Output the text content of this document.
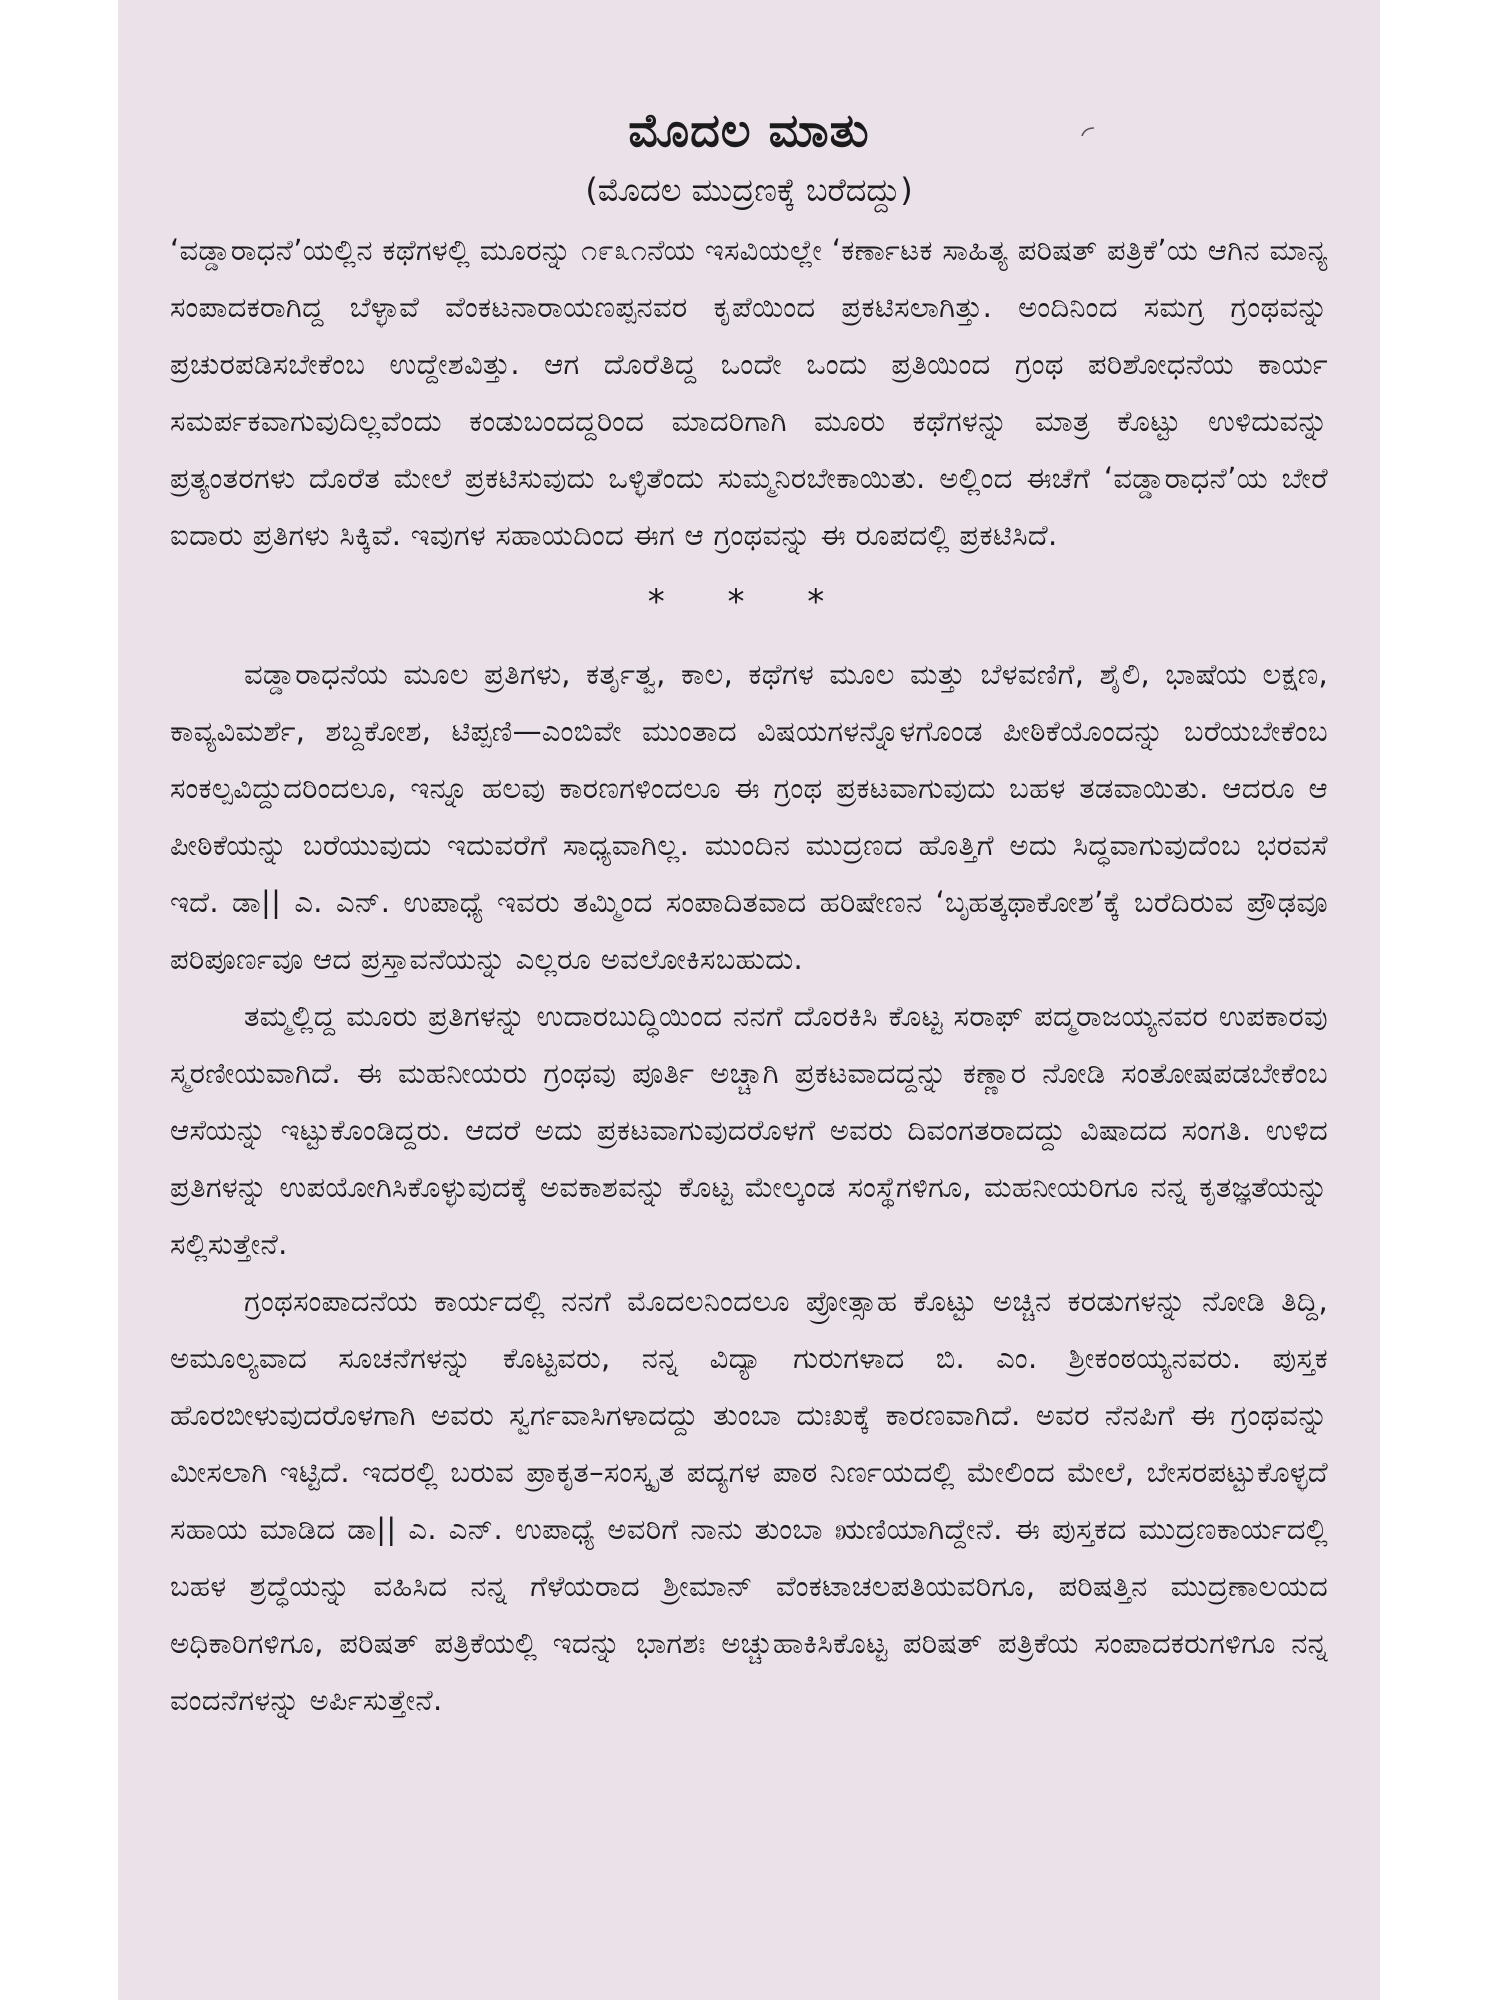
ಮೊದಲ ಮಾತು
(ಮೊದಲ ಮುದ್ರಣಕ್ಕೆ ಬರೆದದ್ದು)

‘ವಡ್ಡಾರಾಧನೆ’ಯಲ್ಲಿನ ಕಥೆಗಳಲ್ಲಿ ಮೂರನ್ನು ೧೯೩೧ನೆಯ ಇಸವಿಯಲ್ಲೇ ‘ಕರ್ಣಾಟಕ ಸಾಹಿತ್ಯ ಪರಿಷತ್ ಪತ್ರಿಕೆ’ಯ ಆಗಿನ ಮಾನ್ಯ ಸಂಪಾದಕರಾಗಿದ್ದ ಬೆಳ್ಳಾವೆ ವೆಂಕಟನಾರಾಯಣಪ್ಪನವರ ಕೃಪೆಯಿಂದ ಪ್ರಕಟಿಸಲಾಗಿತ್ತು. ಅಂದಿನಿಂದ ಸಮಗ್ರ ಗ್ರಂಥವನ್ನು ಪ್ರಚುರಪಡಿಸಬೇಕೆಂಬ ಉದ್ದೇಶವಿತ್ತು. ಆಗ ದೊರೆತಿದ್ದ ಒಂದೇ ಒಂದು ಪ್ರತಿಯಿಂದ ಗ್ರಂಥ ಪರಿಶೋಧನೆಯ ಕಾರ್ಯ ಸಮರ್ಪಕವಾಗುವುದಿಲ್ಲವೆಂದು ಕಂಡುಬಂದದ್ದರಿಂದ ಮಾದರಿಗಾಗಿ ಮೂರು ಕಥೆಗಳನ್ನು ಮಾತ್ರ ಕೊಟ್ಟು ಉಳಿದುವನ್ನು ಪ್ರತ್ಯಂತರಗಳು ದೊರೆತ ಮೇಲೆ ಪ್ರಕಟಿಸುವುದು ಒಳ್ಳಿತೆಂದು ಸುಮ್ಮನಿರಬೇಕಾಯಿತು. ಅಲ್ಲಿಂದ ಈಚೆಗೆ ‘ವಡ್ಡಾರಾಧನೆ’ಯ ಬೇರೆ ಐದಾರು ಪ್ರತಿಗಳು ಸಿಕ್ಕಿವೆ. ಇವುಗಳ ಸಹಾಯದಿಂದ ಈಗ ಆ ಗ್ರಂಥವನ್ನು ಈ ರೂಪದಲ್ಲಿ ಪ್ರಕಟಿಸಿದೆ.

* * *

ವಡ್ಡಾರಾಧನೆಯ ಮೂಲ ಪ್ರತಿಗಳು, ಕರ್ತೃತ್ವ, ಕಾಲ, ಕಥೆಗಳ ಮೂಲ ಮತ್ತು ಬೆಳವಣಿಗೆ, ಶೈಲಿ, ಭಾಷೆಯ ಲಕ್ಷಣ, ಕಾವ್ಯವಿಮರ್ಶೆ, ಶಬ್ದಕೋಶ, ಟಿಪ್ಪಣಿ—ಎಂಬಿವೇ ಮುಂತಾದ ವಿಷಯಗಳನ್ನೊಳಗೊಂಡ ಪೀಠಿಕೆಯೊಂದನ್ನು ಬರೆಯಬೇಕೆಂಬ ಸಂಕಲ್ಪವಿದ್ದುದರಿಂದಲೂ, ಇನ್ನೂ ಹಲವು ಕಾರಣಗಳಿಂದಲೂ ಈ ಗ್ರಂಥ ಪ್ರಕಟವಾಗುವುದು ಬಹಳ ತಡವಾಯಿತು. ಆದರೂ ಆ ಪೀಠಿಕೆಯನ್ನು ಬರೆಯುವುದು ಇದುವರೆಗೆ ಸಾಧ್ಯವಾಗಿಲ್ಲ. ಮುಂದಿನ ಮುದ್ರಣದ ಹೊತ್ತಿಗೆ ಅದು ಸಿದ್ಧವಾಗುವುದೆಂಬ ಭರವಸೆ ಇದೆ. ಡಾ|| ಎ. ಎನ್. ಉಪಾಧ್ಯೆ ಇವರು ತಮ್ಮಿಂದ ಸಂಪಾದಿತವಾದ ಹರಿಷೇಣನ ‘ಬೃಹತ್ಕಥಾಕೋಶ’ಕ್ಕೆ ಬರೆದಿರುವ ಪ್ರೌಢವೂ ಪರಿಪೂರ್ಣವೂ ಆದ ಪ್ರಸ್ತಾವನೆಯನ್ನು ಎಲ್ಲರೂ ಅವಲೋಕಿಸಬಹುದು.

ತಮ್ಮಲ್ಲಿದ್ದ ಮೂರು ಪ್ರತಿಗಳನ್ನು ಉದಾರಬುದ್ಧಿಯಿಂದ ನನಗೆ ದೊರಕಿಸಿ ಕೊಟ್ಟ ಸರಾಫ್ ಪದ್ಮರಾಜಯ್ಯನವರ ಉಪಕಾರವು ಸ್ಮರಣೀಯವಾಗಿದೆ. ಈ ಮಹನೀಯರು ಗ್ರಂಥವು ಪೂರ್ತಿ ಅಚ್ಚಾಗಿ ಪ್ರಕಟವಾದದ್ದನ್ನು ಕಣ್ಣಾರ ನೋಡಿ ಸಂತೋಷಪಡಬೇಕೆಂಬ ಆಸೆಯನ್ನು ಇಟ್ಟುಕೊಂಡಿದ್ದರು. ಆದರೆ ಅದು ಪ್ರಕಟವಾಗುವುದರೊಳಗೆ ಅವರು ದಿವಂಗತರಾದದ್ದು ವಿಷಾದದ ಸಂಗತಿ. ಉಳಿದ ಪ್ರತಿಗಳನ್ನು ಉಪಯೋಗಿಸಿಕೊಳ್ಳುವುದಕ್ಕೆ ಅವಕಾಶವನ್ನು ಕೊಟ್ಟ ಮೇಲ್ಕಂಡ ಸಂಸ್ಥೆಗಳಿಗೂ, ಮಹನೀಯರಿಗೂ ನನ್ನ ಕೃತಜ್ಞತೆಯನ್ನು ಸಲ್ಲಿಸುತ್ತೇನೆ.

ಗ್ರಂಥಸಂಪಾದನೆಯ ಕಾರ್ಯದಲ್ಲಿ ನನಗೆ ಮೊದಲನಿಂದಲೂ ಪ್ರೋತ್ಸಾಹ ಕೊಟ್ಟು ಅಚ್ಚಿನ ಕರಡುಗಳನ್ನು ನೋಡಿ ತಿದ್ದಿ, ಅಮೂಲ್ಯವಾದ ಸೂಚನೆಗಳನ್ನು ಕೊಟ್ಟವರು, ನನ್ನ ವಿದ್ಯಾ ಗುರುಗಳಾದ ಬಿ. ಎಂ. ಶ್ರೀಕಂಠಯ್ಯನವರು. ಪುಸ್ತಕ ಹೊರಬೀಳುವುದರೊಳಗಾಗಿ ಅವರು ಸ್ವರ್ಗವಾಸಿಗಳಾದದ್ದು ತುಂಬಾ ದುಃಖಕ್ಕೆ ಕಾರಣವಾಗಿದೆ. ಅವರ ನೆನಪಿಗೆ ಈ ಗ್ರಂಥವನ್ನು ಮೀಸಲಾಗಿ ಇಟ್ಟಿದೆ. ಇದರಲ್ಲಿ ಬರುವ ಪ್ರಾಕೃತ–ಸಂಸ್ಕೃತ ಪದ್ಯಗಳ ಪಾಠ ನಿರ್ಣಯದಲ್ಲಿ ಮೇಲಿಂದ ಮೇಲೆ, ಬೇಸರಪಟ್ಟುಕೊಳ್ಳದೆ ಸಹಾಯ ಮಾಡಿದ ಡಾ|| ಎ. ಎನ್. ಉಪಾಧ್ಯೆ ಅವರಿಗೆ ನಾನು ತುಂಬಾ ಋಣಿಯಾಗಿದ್ದೇನೆ. ಈ ಪುಸ್ತಕದ ಮುದ್ರಣಕಾರ್ಯದಲ್ಲಿ ಬಹಳ ಶ್ರದ್ಧೆಯನ್ನು ವಹಿಸಿದ ನನ್ನ ಗೆಳೆಯರಾದ ಶ್ರೀಮಾನ್ ವೆಂಕಟಾಚಲಪತಿಯವರಿಗೂ, ಪರಿಷತ್ತಿನ ಮುದ್ರಣಾಲಯದ ಅಧಿಕಾರಿಗಳಿಗೂ, ಪರಿಷತ್ ಪತ್ರಿಕೆಯಲ್ಲಿ ಇದನ್ನು ಭಾಗಶಃ ಅಚ್ಚುಹಾಕಿಸಿಕೊಟ್ಟ ಪರಿಷತ್ ಪತ್ರಿಕೆಯ ಸಂಪಾದಕರುಗಳಿಗೂ ನನ್ನ ವಂದನೆಗಳನ್ನು ಅರ್ಪಿಸುತ್ತೇನೆ.
